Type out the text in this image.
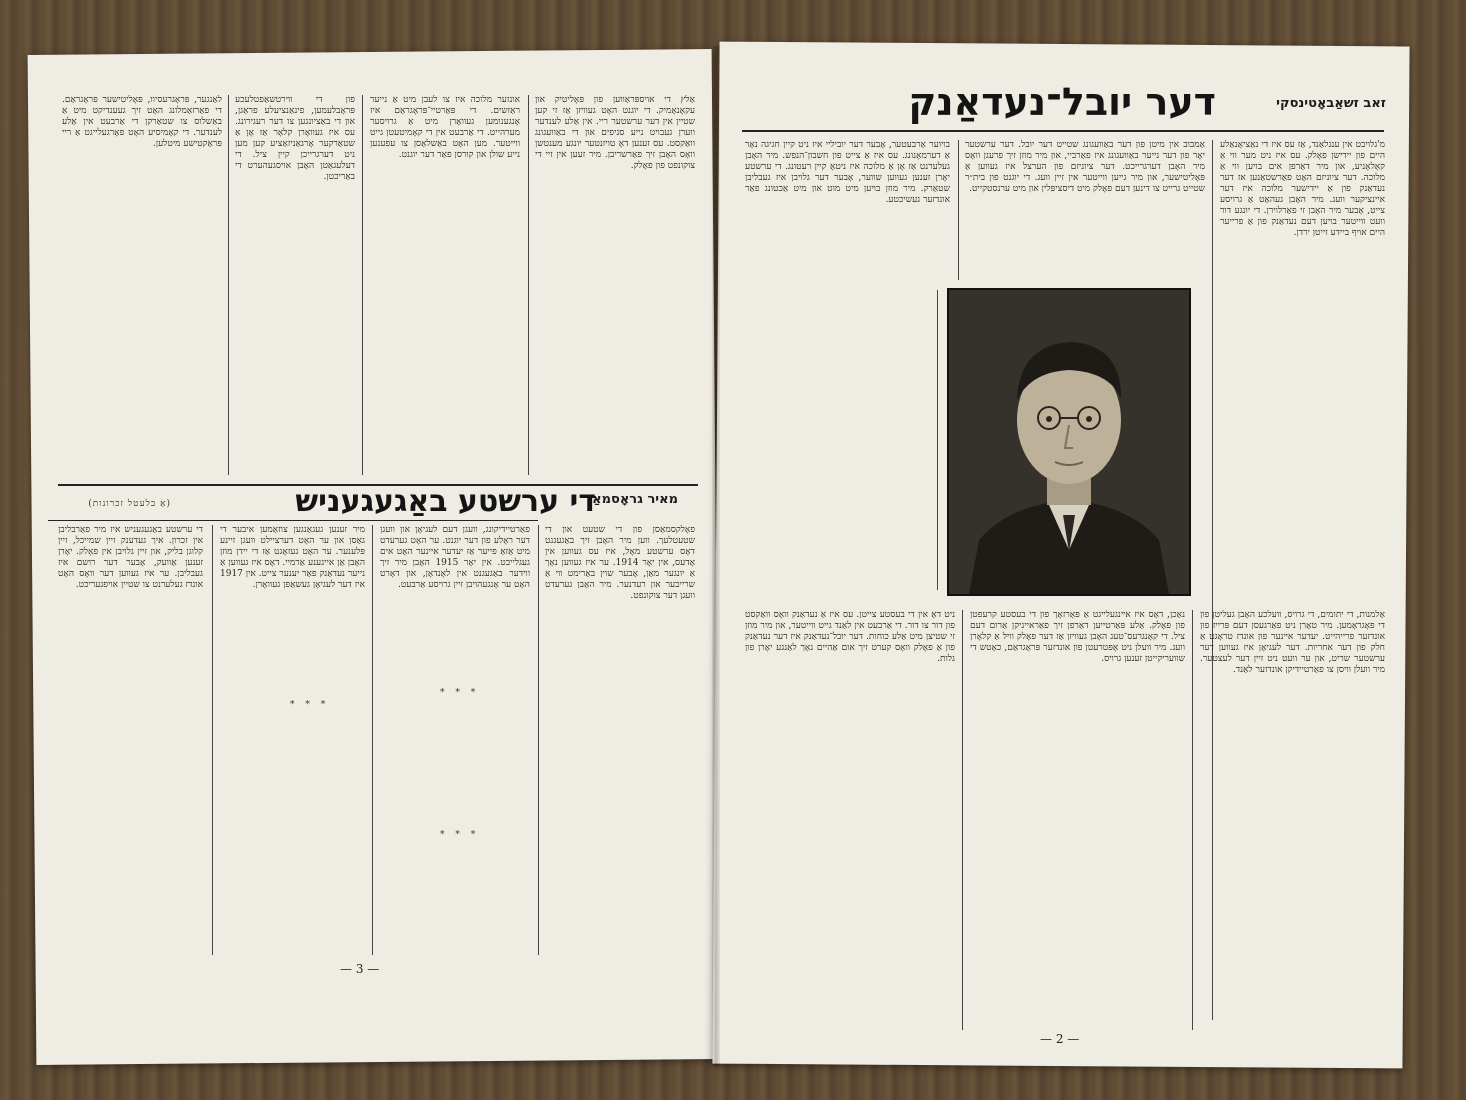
זאב זשאַבאָטינסקי
דער יובל־נעדאַנק

מ'גלויבט אין ענגלאַנד, אַז עס איז די נאַציאָנאַלע היים פון יידישן פאָלק. עס איז ניט מער ווי אַ קאָלאָניע, און מיר דאַרפן אים בויען ווי אַ מלוכה. דער ציוניזם האָט פאַרשטאַנען אז דער נעדאַנק פון אַ יידישער מלוכה איז דער איינציקער וועג. מיר האָבן געהאַט אַ גרויסע צייט, אָבער מיר האָבן זי פאַרלוירן. די יונגע דור וועט ווייטער בויען דעם נעדאַנק פון אַ פרייער היים אויף ביידע זייטן ירדן.

אַמבוב אין מיטן פון דער באַוועגונג שטייט דער יובל. דער ערשטער יאָר פון דער נייער באַוועגונג איז פאַרביי, און מיר מוזן זיך פרעגן וואָס מיר האָבן דערגרייכט. דער ציוניזם פון הערצל איז געווען אַ פּאָליטישער, און מיר גייען ווייטער אין זיין וועג. די יוגנט פון בית״ר שטייט גרייט צו דינען דעם פאָלק מיט דיסציפּלין און מיט ערנסטקייט.

בויוער אַרבעטער, אָבער דער יוביליי איז ניט קיין חגיגה נאָר אַ דערמאָנונג. עס איז אַ צייט פון חשבון־הנפש. מיר האָבן געלערנט אַז אָן אַ מלוכה איז ניטאָ קיין רעטונג. די ערשטע יאָרן זענען געווען שווער, אָבער דער גלויבן איז געבליבן שטאַרק. מיר מוזן בויען מיט מוט און מיט אַכטונג פאַר אונדזער געשיכטע.

אַלמנות, די יתומים, די גרויס, וועלכע האָבן געליטן פון די פּאָגראָמען. מיר טאָרן ניט פאַרגעסן דעם פּרייז פון אונדזער פרייהייט. יעדער אײנער פון אונדז טראָגט אַ חלק פון דער אחריות. דער לעגיאָן איז געווען דער ערשטער שריט, און ער וועט ניט זיין דער לעצטער. מיר וועלן וויסן צו פאַרטיידיקן אונדזער לאַנד.

נאַכן, דאָס איז אײנגעלײגט אַ פּאָרזאָך פון די בעסטע קרעפטן פון פאָלק. אַלע פּאַרטייען דאַרפן זיך פאַראייניקן אַרום דעם ציל. די קאָנגרעס־טעג האָבן געוויזן אַז דער פאָלק וויל אַ קלאָרן וועג. מיר וועלן ניט אָפּטרעטן פון אונדזער פּראָגראַם, כאָטש די שוועריקייטן זענען גרויס.

ניט דאָ אין די בעסטע צייטן. עס איז אַ נעדאַנק וואָס וואַקסט פון דור צו דור. די אַרבעט אין לאַנד גייט ווייטער, און מיר מוזן זי שטיצן מיט אַלע כוחות. דער יובל־נעדאַנק איז דער נעדאַנק פון אַ פאָלק וואָס קערט זיך אום אַהיים נאָך לאַנגע יאָרן פון גלות.

— 2 —

אַלץ די אויספּראַווען פון פּאָליטיק און עקאָנאָמיק. די יוגנט האָט געוויזן אַז זי קען שטיין אין דער ערשטער ריי. אין אַלע לענדער ווערן געבויט נייע סניפים און די באַוועגונג וואַקסט. עס זענען דאָ טויזנטער יונגע מענטשן וואָס האָבן זיך פאַרשריבן. מיר זעען אין זיי די צוקונפט פון פאָלק.

אונזער מלוכה איז צו לעבן מיט אַ נייער ראַזשים. די פּאַרטיי־פּראָגראַם איז אָנגענומען געוואָרן מיט אַ גרויסער מערהייט. די אַרבעט אין די קאָמיטעטן גייט ווייטער. מען האָט באַשלאָסן צו עפענען נייע שולן און קורסן פאַר דער יוגנט.

פון די ווירטשאַפטלעכע פּראָבלעמען, פינאַנציעלע פראַגן, און די באַציונגען צו דער רעגירונג. עס איז געוואָרן קלאָר אַז אָן אַ שטאַרקער אָרגאַניזאַציע קען מען ניט דערגרייכן קיין ציל. די דעלעגאַטן האָבן אויסגעהערט די באַריכטן.

לאַנגער, פּראָגרעסיוו, פּאָליטישער פּראָגראַם. די פאַרזאַמלונג האָט זיך געענדיקט מיט אַ באַשלוס צו שטאַרקן די אַרבעט אין אַלע לענדער. די קאָמיסיע האָט פאָרגעלייגט אַ ריי פּראַקטישע מיטלען.

מאיר גראָסמאַן
די ערשטע באַגעגעניש
(אַ בלעטל זכרונות)

פאָלקסמאַסן פון די שטעט און די שטעטלעך. ווען מיר האָבן זיך באַגעגנט דאָס ערשטע מאָל, איז עס געווען אין אָדעס, אין יאָר 1914. ער איז געווען נאָך אַ יונגער מאַן, אָבער שוין באַרימט ווי אַ שרייבער און רעדנער. מיר האָבן גערעדט וועגן דער צוקונפט.

פאַרטיידיקונג, וועגן דעם לעגיאָן און וועגן דער ראָלע פון דער יוגנט. ער האָט גערעדט מיט אַזאַ פייער אַז יעדער איינער האָט אים געגלייבט. אין יאָר 1915 האָבן מיר זיך ווידער באַגעגנט אין לאָנדאָן, און דאָרט האָט ער אָנגעהויבן זיין גרויסע אַרבעט.

מיר זענען געגאַנגען צוזאַמען איבער די גאַסן און ער האָט דערציילט וועגן זיינע פּלענער. ער האָט געזאָגט אַז די יידן מוזן האָבן אַן אייגענע אַרמיי. דאָס איז געווען אַ נייער נעדאַנק פאַר יענער צייט. אין 1917 איז דער לעגיאָן געשאַפן געוואָרן.

די ערשטע באַגעגעניש איז מיר פאַרבליבן אין זכרון. איך געדענק זיין שמייכל, זיין קלוגן בליק, און זיין גלויבן אין פאָלק. יאָרן זענען אַוועק, אָבער דער רושם איז געבליבן. ער איז געווען דער וואָס האָט אונדז געלערנט צו שטיין אויפגעריכט.

* * *
* * *
* * *
— 3 —
